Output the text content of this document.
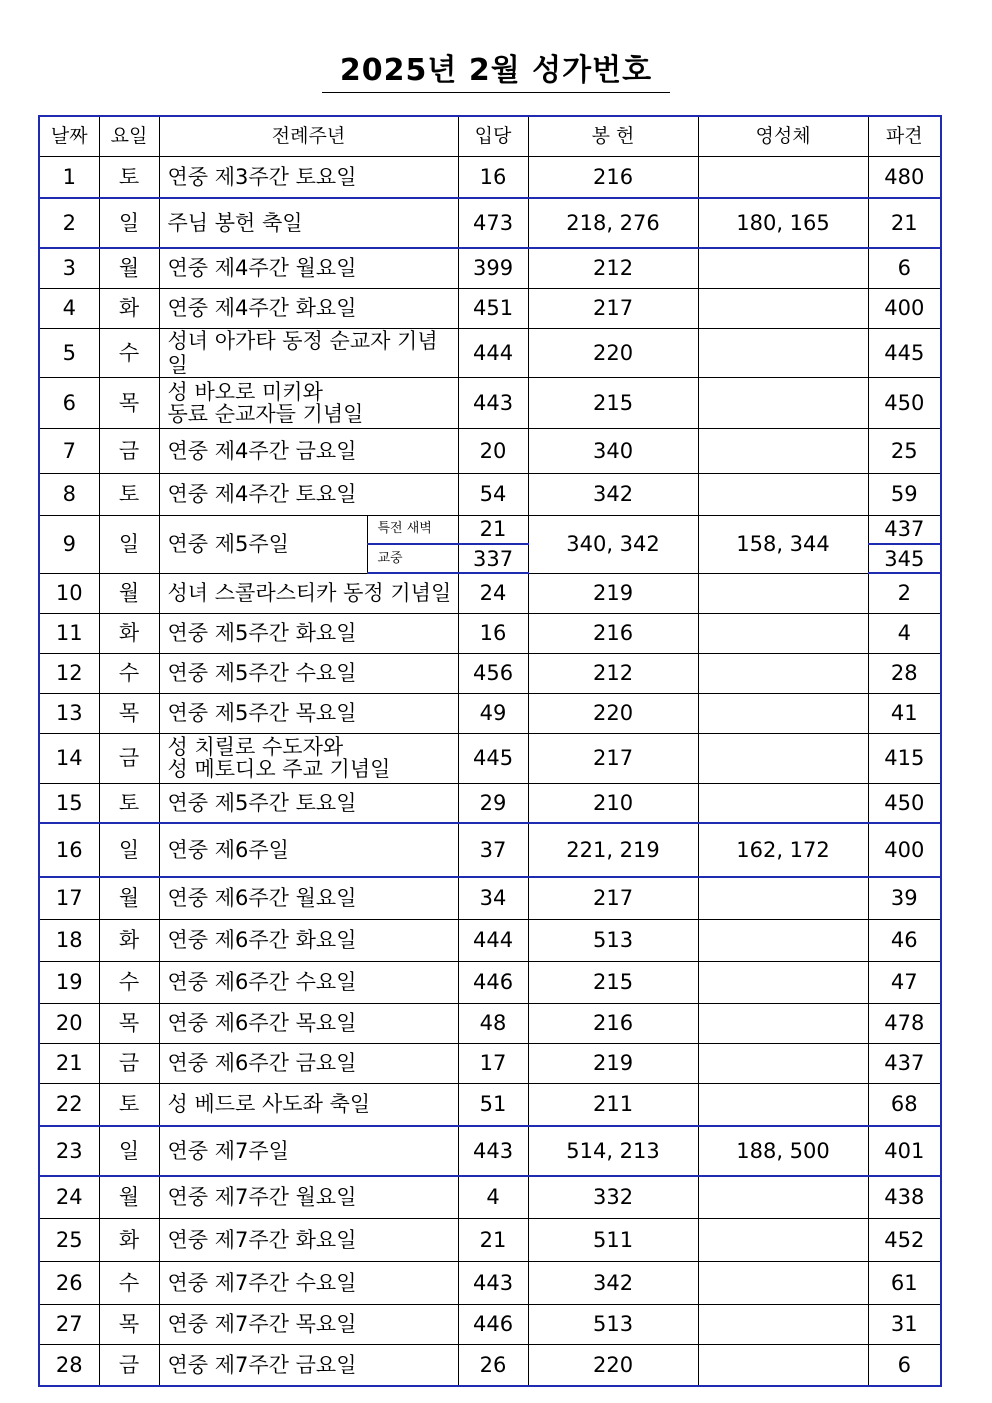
2025년 2월 성가번호
날짜	요일	전례주년		입당	봉 헌	영성체	파견
1	토	연중 제3주간 토요일		16	216		480
2	일	주님 봉헌 축일		473	218, 276	180, 165	21
3	월	연중 제4주간 월요일		399	212		6
4	화	연중 제4주간 화요일		451	217		400
5	수	성녀 아가타 동정 순교자 기념일		444	220		445
6	목	성 바오로 미키와
동료 순교자들 기념일		443	215		450
7	금	연중 제4주간 금요일		20	340		25
8	토	연중 제4주간 토요일		54	342		59
9	일	연중 제5주일	특전 새벽	21	340, 342	158, 344	437
			교중	337			345
10	월	성녀 스콜라스티카 동정 기념일		24	219		2
11	화	연중 제5주간 화요일		16	216		4
12	수	연중 제5주간 수요일		456	212		28
13	목	연중 제5주간 목요일		49	220		41
14	금	성 치릴로 수도자와
성 메토디오 주교 기념일		445	217		415
15	토	연중 제5주간 토요일		29	210		450
16	일	연중 제6주일		37	221, 219	162, 172	400
17	월	연중 제6주간 월요일		34	217		39
18	화	연중 제6주간 화요일		444	513		46
19	수	연중 제6주간 수요일		446	215		47
20	목	연중 제6주간 목요일		48	216		478
21	금	연중 제6주간 금요일		17	219		437
22	토	성 베드로 사도좌 축일		51	211		68
23	일	연중 제7주일		443	514, 213	188, 500	401
24	월	연중 제7주간 월요일		4	332		438
25	화	연중 제7주간 화요일		21	511		452
26	수	연중 제7주간 수요일		443	342		61
27	목	연중 제7주간 목요일		446	513		31
28	금	연중 제7주간 금요일		26	220		6
